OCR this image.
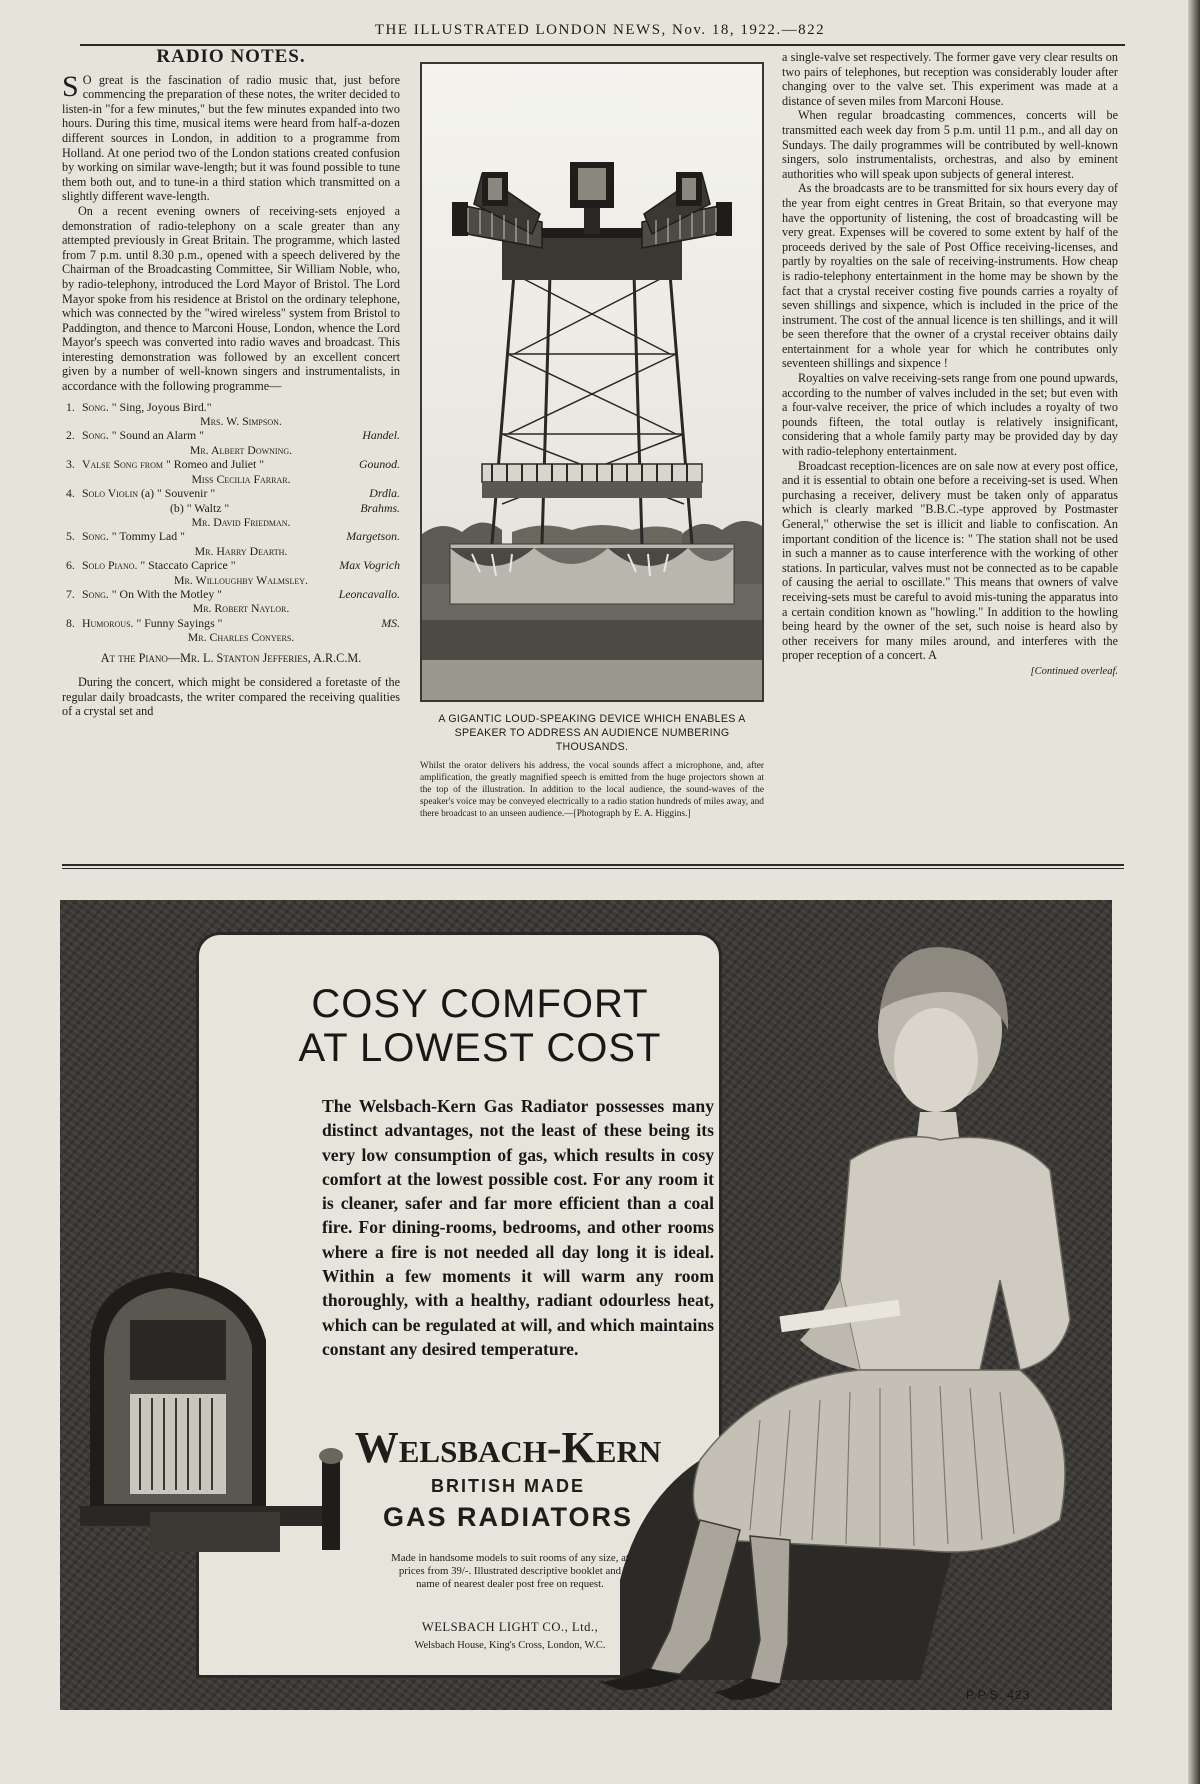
THE ILLUSTRATED LONDON NEWS, Nov. 18, 1922.—822
RADIO NOTES.

S O great is the fascination of radio music that, just before commencing the preparation of these notes, the writer decided to listen-in "for a few minutes," but the few minutes expanded into two hours. During this time, musical items were heard from half-a-dozen different sources in London, in addition to a programme from Holland. At one period two of the London stations created confusion by working on similar wave-length; but it was found possible to tune them both out, and to tune-in a third station which transmitted on a slightly different wave-length.

On a recent evening owners of receiving-sets enjoyed a demonstration of radio-telephony on a scale greater than any attempted previously in Great Britain. The programme, which lasted from 7 p.m. until 8.30 p.m., opened with a speech delivered by the Chairman of the Broadcasting Committee, Sir William Noble, who, by radio-telephony, introduced the Lord Mayor of Bristol. The Lord Mayor spoke from his residence at Bristol on the ordinary telephone, which was connected by the "wired wireless" system from Bristol to Paddington, and thence to Marconi House, London, whence the Lord Mayor's speech was converted into radio waves and broadcast. This interesting demonstration was followed by an excellent concert given by a number of well-known singers and instrumentalists, in accordance with the following programme—

1. Song. " Sing, Joyous Bird."
Mrs. W. Simpson.
2. Song. " Sound an Alarm "	Handel.
Mr. Albert Downing.
3. Valse Song from " Romeo and Juliet "	Gounod.
Miss Cecilia Farrar.
4. Solo Violin (a) " Souvenir "	Drdla.
(b) " Waltz "	Brahms.
Mr. David Friedman.
5. Song. " Tommy Lad "	Margetson.
Mr. Harry Dearth.
6. Solo Piano. " Staccato Caprice "	Max Vogrich
Mr. Willoughby Walmsley.
7. Song. " On With the Motley "	Leoncavallo.
Mr. Robert Naylor.
8. Humorous. " Funny Sayings "	MS.
Mr. Charles Conyers.
At the Piano—Mr. L. Stanton Jefferies, A.R.C.M.

During the concert, which might be considered a foretaste of the regular daily broadcasts, the writer compared the receiving qualities of a crystal set and

A GIGANTIC LOUD-SPEAKING DEVICE WHICH ENABLES A SPEAKER TO ADDRESS AN AUDIENCE NUMBERING THOUSANDS.
Whilst the orator delivers his address, the vocal sounds affect a microphone, and, after amplification, the greatly magnified speech is emitted from the huge projectors shown at the top of the illustration. In addition to the local audience, the sound-waves of the speaker's voice may be conveyed electrically to a radio station hundreds of miles away, and there broadcast to an unseen audience.—[Photograph by E. A. Higgins.]

a single-valve set respectively. The former gave very clear results on two pairs of telephones, but reception was considerably louder after changing over to the valve set. This experiment was made at a distance of seven miles from Marconi House.

When regular broadcasting commences, concerts will be transmitted each week day from 5 p.m. until 11 p.m., and all day on Sundays. The daily programmes will be contributed by well-known singers, solo instrumentalists, orchestras, and also by eminent authorities who will speak upon subjects of general interest.

As the broadcasts are to be transmitted for six hours every day of the year from eight centres in Great Britain, so that everyone may have the opportunity of listening, the cost of broadcasting will be very great. Expenses will be covered to some extent by half of the proceeds derived by the sale of Post Office receiving-licenses, and partly by royalties on the sale of receiving-instruments. How cheap is radio-telephony entertainment in the home may be shown by the fact that a crystal receiver costing five pounds carries a royalty of seven shillings and sixpence, which is included in the price of the instrument. The cost of the annual licence is ten shillings, and it will be seen therefore that the owner of a crystal receiver obtains daily entertainment for a whole year for which he contributes only seventeen shillings and sixpence !

Royalties on valve receiving-sets range from one pound upwards, according to the number of valves included in the set; but even with a four-valve receiver, the price of which includes a royalty of two pounds fifteen, the total outlay is relatively insignificant, considering that a whole family party may be provided day by day with radio-telephony entertainment.

Broadcast reception-licences are on sale now at every post office, and it is essential to obtain one before a receiving-set is used. When purchasing a receiver, delivery must be taken only of apparatus which is clearly marked "B.B.C.-type approved by Postmaster General," otherwise the set is illicit and liable to confiscation. An important condition of the licence is: " The station shall not be used in such a manner as to cause interference with the working of other stations. In particular, valves must not be connected as to be capable of causing the aerial to oscillate." This means that owners of valve receiving-sets must be careful to avoid mis-tuning the apparatus into a certain condition known as "howling." In addition to the howling being heard by the owner of the set, such noise is heard also by other receivers for many miles around, and interferes with the proper reception of a concert. A

[Continued overleaf.
COSY COMFORT
AT LOWEST COST
The Welsbach-Kern Gas Radiator possesses many distinct advantages, not the least of these being its very low consumption of gas, which results in cosy comfort at the lowest possible cost. For any room it is cleaner, safer and far more efficient than a coal fire. For dining-rooms, bedrooms, and other rooms where a fire is not needed all day long it is ideal. Within a few moments it will warm any room thoroughly, with a healthy, radiant odourless heat, which can be regulated at will, and which maintains constant any desired temperature.
Welsbach-Kern
BRITISH MADE
GAS RADIATORS
Made in handsome models to suit rooms of any size, at prices from 39/-. Illustrated descriptive booklet and name of nearest dealer post free on request.
WELSBACH LIGHT CO., Ltd.,
Welsbach House, King's Cross, London, W.C.
P.P.S. 423
